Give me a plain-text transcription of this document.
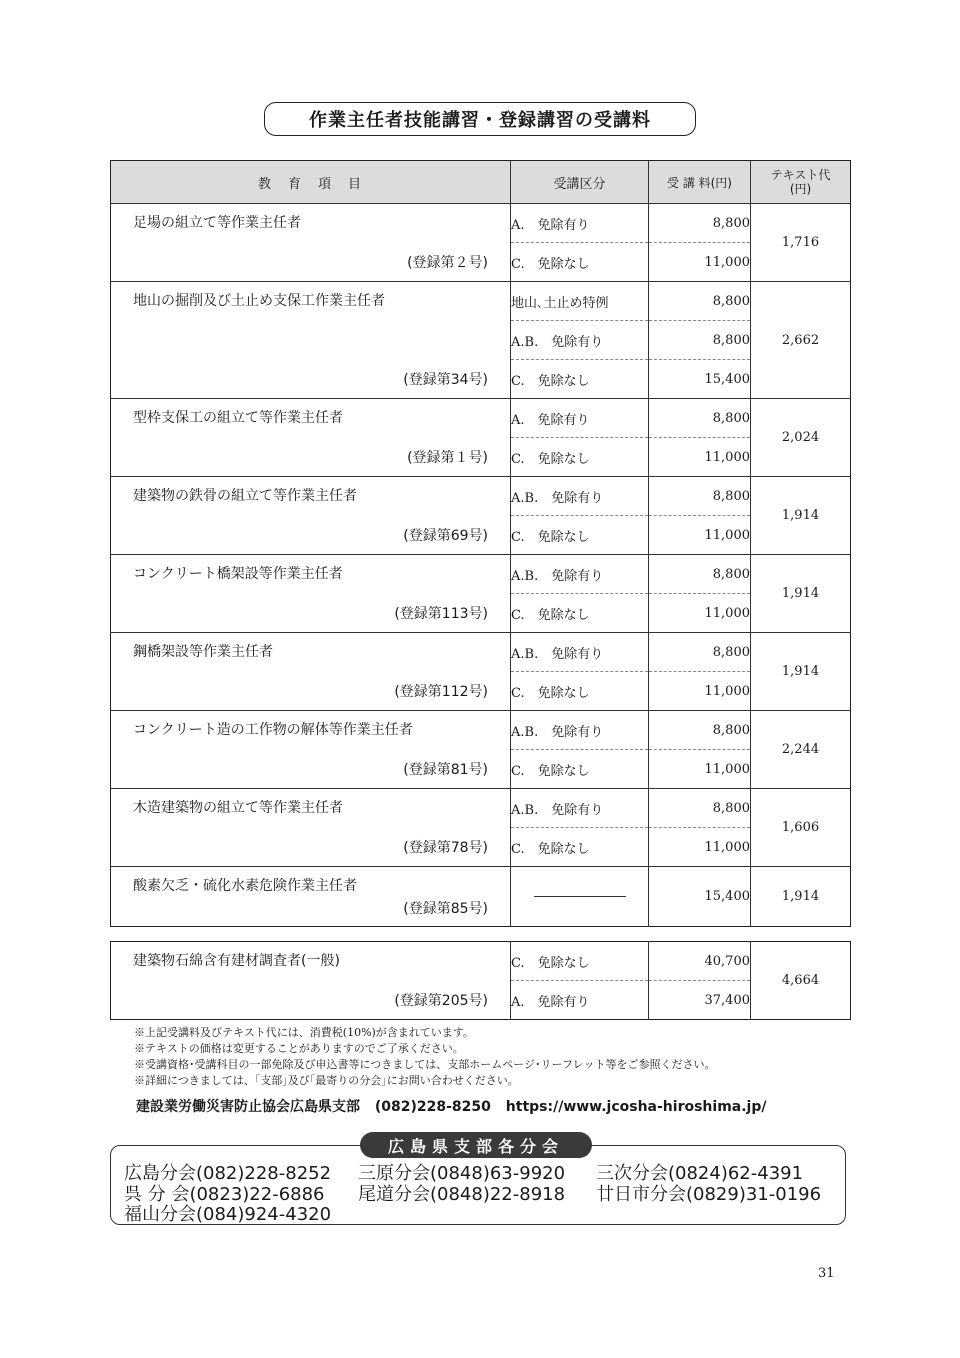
作業主任者技能講習・登録講習の受講料
教　育　項　目	受講区分	受 講 料(円)	テキスト代
(円)

足場の組立て等作業主任者
(登録第２号)	A.　免除有り	8,800	1,716
	C.　免除なし	11,000	

地山の掘削及び土止め支保工作業主任者
(登録第34号)	地山､土止め特例	8,800	2,662
	A.B.　免除有り	8,800	
	C.　免除なし	15,400	

型枠支保工の組立て等作業主任者
(登録第１号)	A.　免除有り	8,800	2,024
	C.　免除なし	11,000	

建築物の鉄骨の組立て等作業主任者
(登録第69号)	A.B.　免除有り	8,800	1,914
	C.　免除なし	11,000	

コンクリート橋架設等作業主任者
(登録第113号)	A.B.　免除有り	8,800	1,914
	C.　免除なし	11,000	

鋼橋架設等作業主任者
(登録第112号)	A.B.　免除有り	8,800	1,914
	C.　免除なし	11,000	

コンクリート造の工作物の解体等作業主任者
(登録第81号)	A.B.　免除有り	8,800	2,244
	C.　免除なし	11,000	

木造建築物の組立て等作業主任者
(登録第78号)	A.B.　免除有り	8,800	1,606
	C.　免除なし	11,000	

酸素欠乏・硫化水素危険作業主任者
(登録第85号)		15,400	1,914
建築物石綿含有建材調査者(一般)
(登録第205号)	C.　免除なし	40,700	4,664
	A.　免除有り	37,400	
※上記受講料及びテキスト代には、消費税(10%)が含まれています。
※テキストの価格は変更することがありますのでご了承ください。
※受講資格･受講科目の一部免除及び申込書等につきましては、支部ホームページ･リーフレット等をご参照ください。
※詳細につきましては、｢支部｣及び｢最寄りの分会｣にお問い合わせください。
建設業労働災害防止協会広島県支部 (082)228-8250 https://www.jcosha-hiroshima.jp/
広島県支部各分会
広島分会(082)228-8252 三原分会(0848)63-9920 三次分会(0824)62-4391
呉 分 会(0823)22-6886 尾道分会(0848)22-8918 廿日市分会(0829)31-0196
福山分会(084)924-4320
31
